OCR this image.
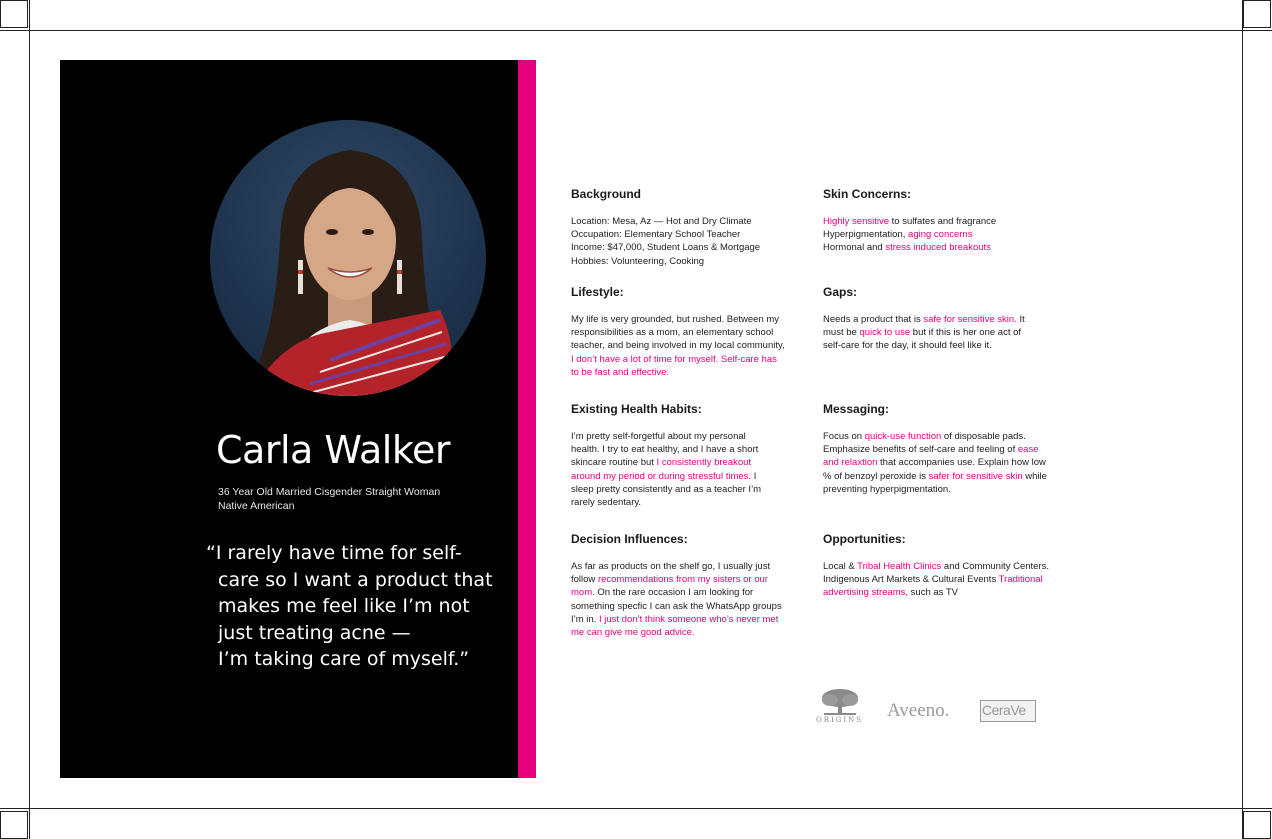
Carla Walker
36 Year Old Married Cisgender Straight Woman
Native American
“I rarely have time for self-
care so I want a product that
makes me feel like I’m not
just treating acne —
I’m taking care of myself.”
Background

Location: Mesa, Az — Hot and Dry Climate
Occupation: Elementary School Teacher
Income: $47,000, Student Loans & Mortgage
Hobbies: Volunteering, Cooking

Skin Concerns:

Highly sensitive to sulfates and fragrance
Hyperpigmentation, aging concerns
Hormonal and stress induced breakouts

Lifestyle:

My life is very grounded, but rushed. Between my responsibilities as a mom, an elementary school teacher, and being involved in my local community, I don’t have a lot of time for myself. Self-care has to be fast and effective.

Gaps:

Needs a product that is safe for sensitive skin. It must be quick to use but if this is her one act of self-care for the day, it should feel like it.

Existing Health Habits:

I’m pretty self-forgetful about my personal health. I try to eat healthy, and I have a short skincare routine but I consistently breakout around my period or during stressful times. I sleep pretty consistently and as a teacher I’m rarely sedentary.

Messaging:

Focus on quick-use function of disposable pads. Emphasize benefits of self-care and feeling of ease and relaxtion that accompanies use. Explain how low % of benzoyl peroxide is safer for sensitive skin while preventing hyperpigmentation.

Decision Influences:

As far as products on the shelf go, I usually just follow recommendations from my sisters or our mom. On the rare occasion I am looking for something specfic I can ask the WhatsApp groups I’m in. I just don’t think someone who’s never met me can give me good advice.

Opportunities:

Local & Tribal Health Clinics and Community Centers. Indigenous Art Markets & Cultural Events Traditional advertising streams, such as TV

ORIGINS Aveeno. CeraVe
